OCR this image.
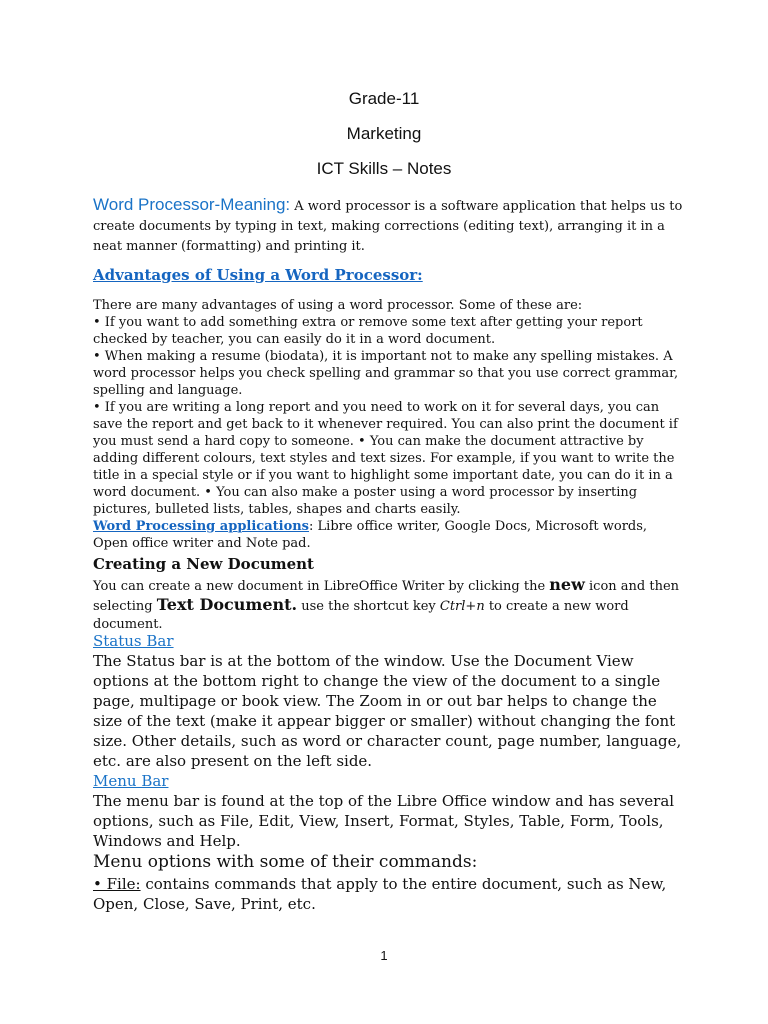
Grade-11
Marketing
ICT Skills – Notes

Word Processor-Meaning: A word processor is a software application that helps us to create documents by typing in text, making corrections (editing text), arranging it in a neat manner (formatting) and printing it.

Advantages of Using a Word Processor:

There are many advantages of using a word processor. Some of these are:

• If you want to add something extra or remove some text after getting your report checked by teacher, you can easily do it in a word document.

• When making a resume (biodata), it is important not to make any spelling mistakes. A word processor helps you check spelling and grammar so that you use correct grammar, spelling and language.

• If you are writing a long report and you need to work on it for several days, you can save the report and get back to it whenever required. You can also print the document if you must send a hard copy to someone. • You can make the document attractive by adding different colours, text styles and text sizes. For example, if you want to write the title in a special style or if you want to highlight some important date, you can do it in a word document. • You can also make a poster using a word processor by inserting pictures, bulleted lists, tables, shapes and charts easily.

Word Processing applications: Libre office writer, Google Docs, Microsoft words, Open office writer and Note pad.

Creating a New Document

You can create a new document in LibreOffice Writer by clicking the new icon and then selecting Text Document. use the shortcut key Ctrl+n to create a new word document.

Status Bar

The Status bar is at the bottom of the window. Use the Document View options at the bottom right to change the view of the document to a single page, multipage or book view. The Zoom in or out bar helps to change the size of the text (make it appear bigger or smaller) without changing the font size. Other details, such as word or character count, page number, language, etc. are also present on the left side.

Menu Bar

The menu bar is found at the top of the Libre Office window and has several options, such as File, Edit, View, Insert, Format, Styles, Table, Form, Tools, Windows and Help.

Menu options with some of their commands:

• File: contains commands that apply to the entire document, such as New, Open, Close, Save, Print, etc.

1
